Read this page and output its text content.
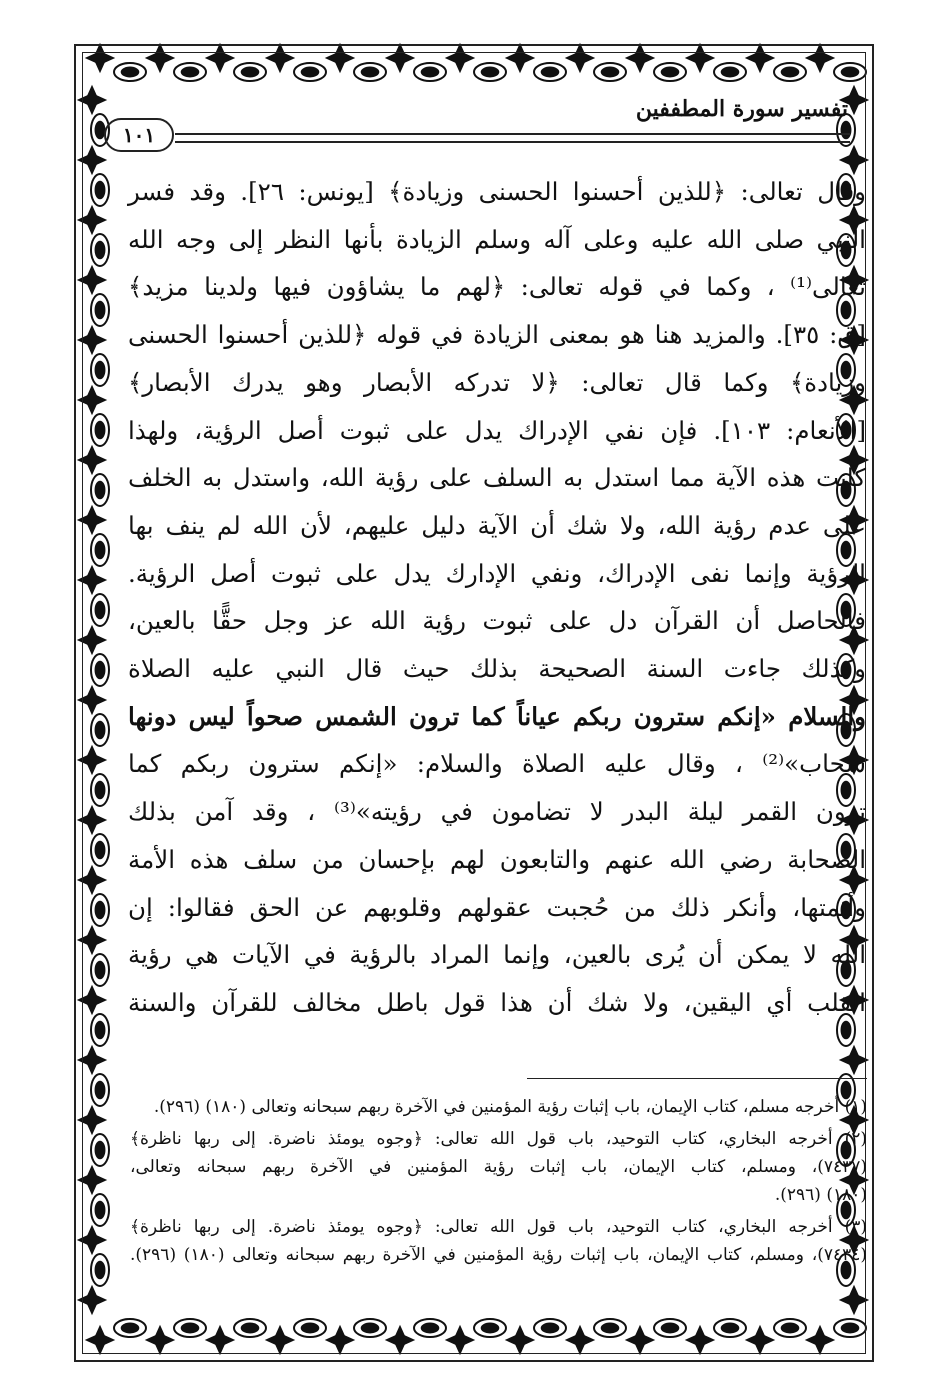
تفسير سورة المطففين
١٠١
وقال تعالى: ﴿للذين أحسنوا الحسنى وزيادة﴾ [يونس: ٢٦]. وقد فسر
النبي صلى الله عليه وعلى آله وسلم الزيادة بأنها النظر إلى وجه الله
تعالى⁽¹⁾ ، وكما في قوله تعالى: ﴿لهم ما يشاؤون فيها ولدينا مزيد﴾
[ق: ٣٥]. والمزيد هنا هو بمعنى الزيادة في قوله ﴿للذين أحسنوا الحسنى
وزيادة﴾ وكما قال تعالى: ﴿لا تدركه الأبصار وهو يدرك الأبصار﴾
[الأنعام: ١٠٣]. فإن نفي الإدراك يدل على ثبوت أصل الرؤية، ولهذا
كانت هذه الآية مما استدل به السلف على رؤية الله، واستدل به الخلف
على عدم رؤية الله، ولا شك أن الآية دليل عليهم، لأن الله لم ينف بها
الرؤية وإنما نفى الإدراك، ونفي الإدارك يدل على ثبوت أصل الرؤية.
فالحاصل أن القرآن دل على ثبوت رؤية الله عز وجل حقًّا بالعين،
وكذلك جاءت السنة الصحيحة بذلك حيث قال النبي عليه الصلاة
والسلام «إنكم سترون ربكم عياناً كما ترون الشمس صحواً ليس دونها
سحاب»⁽²⁾ ، وقال عليه الصلاة والسلام: «إنكم سترون ربكم كما
ترون القمر ليلة البدر لا تضامون في رؤيته»⁽³⁾ ، وقد آمن بذلك
الصحابة رضي الله عنهم والتابعون لهم بإحسان من سلف هذه الأمة
وأئمتها، وأنكر ذلك من حُجبت عقولهم وقلوبهم عن الحق فقالوا: إن
الله لا يمكن أن يُرى بالعين، وإنما المراد بالرؤية في الآيات هي رؤية
القلب أي اليقين، ولا شك أن هذا قول باطل مخالف للقرآن والسنة
(١) أخرجه مسلم، كتاب الإيمان، باب إثبات رؤية المؤمنين في الآخرة ربهم سبحانه وتعالى (١٨٠) (٢٩٦).
(٢) أخرجه البخاري، كتاب التوحيد، باب قول الله تعالى: ﴿وجوه يومئذ ناضرة. إلى ربها ناظرة﴾
(٧٤٣٧)، ومسلم، كتاب الإيمان، باب إثبات رؤية المؤمنين في الآخرة ربهم سبحانه وتعالى،
(١٨٠) (٢٩٦).
(٣) أخرجه البخاري، كتاب التوحيد، باب قول الله تعالى: ﴿وجوه يومئذ ناضرة. إلى ربها ناظرة﴾
(٧٤٣٤)، ومسلم، كتاب الإيمان، باب إثبات رؤية المؤمنين في الآخرة ربهم سبحانه وتعالى (١٨٠) (٢٩٦).
